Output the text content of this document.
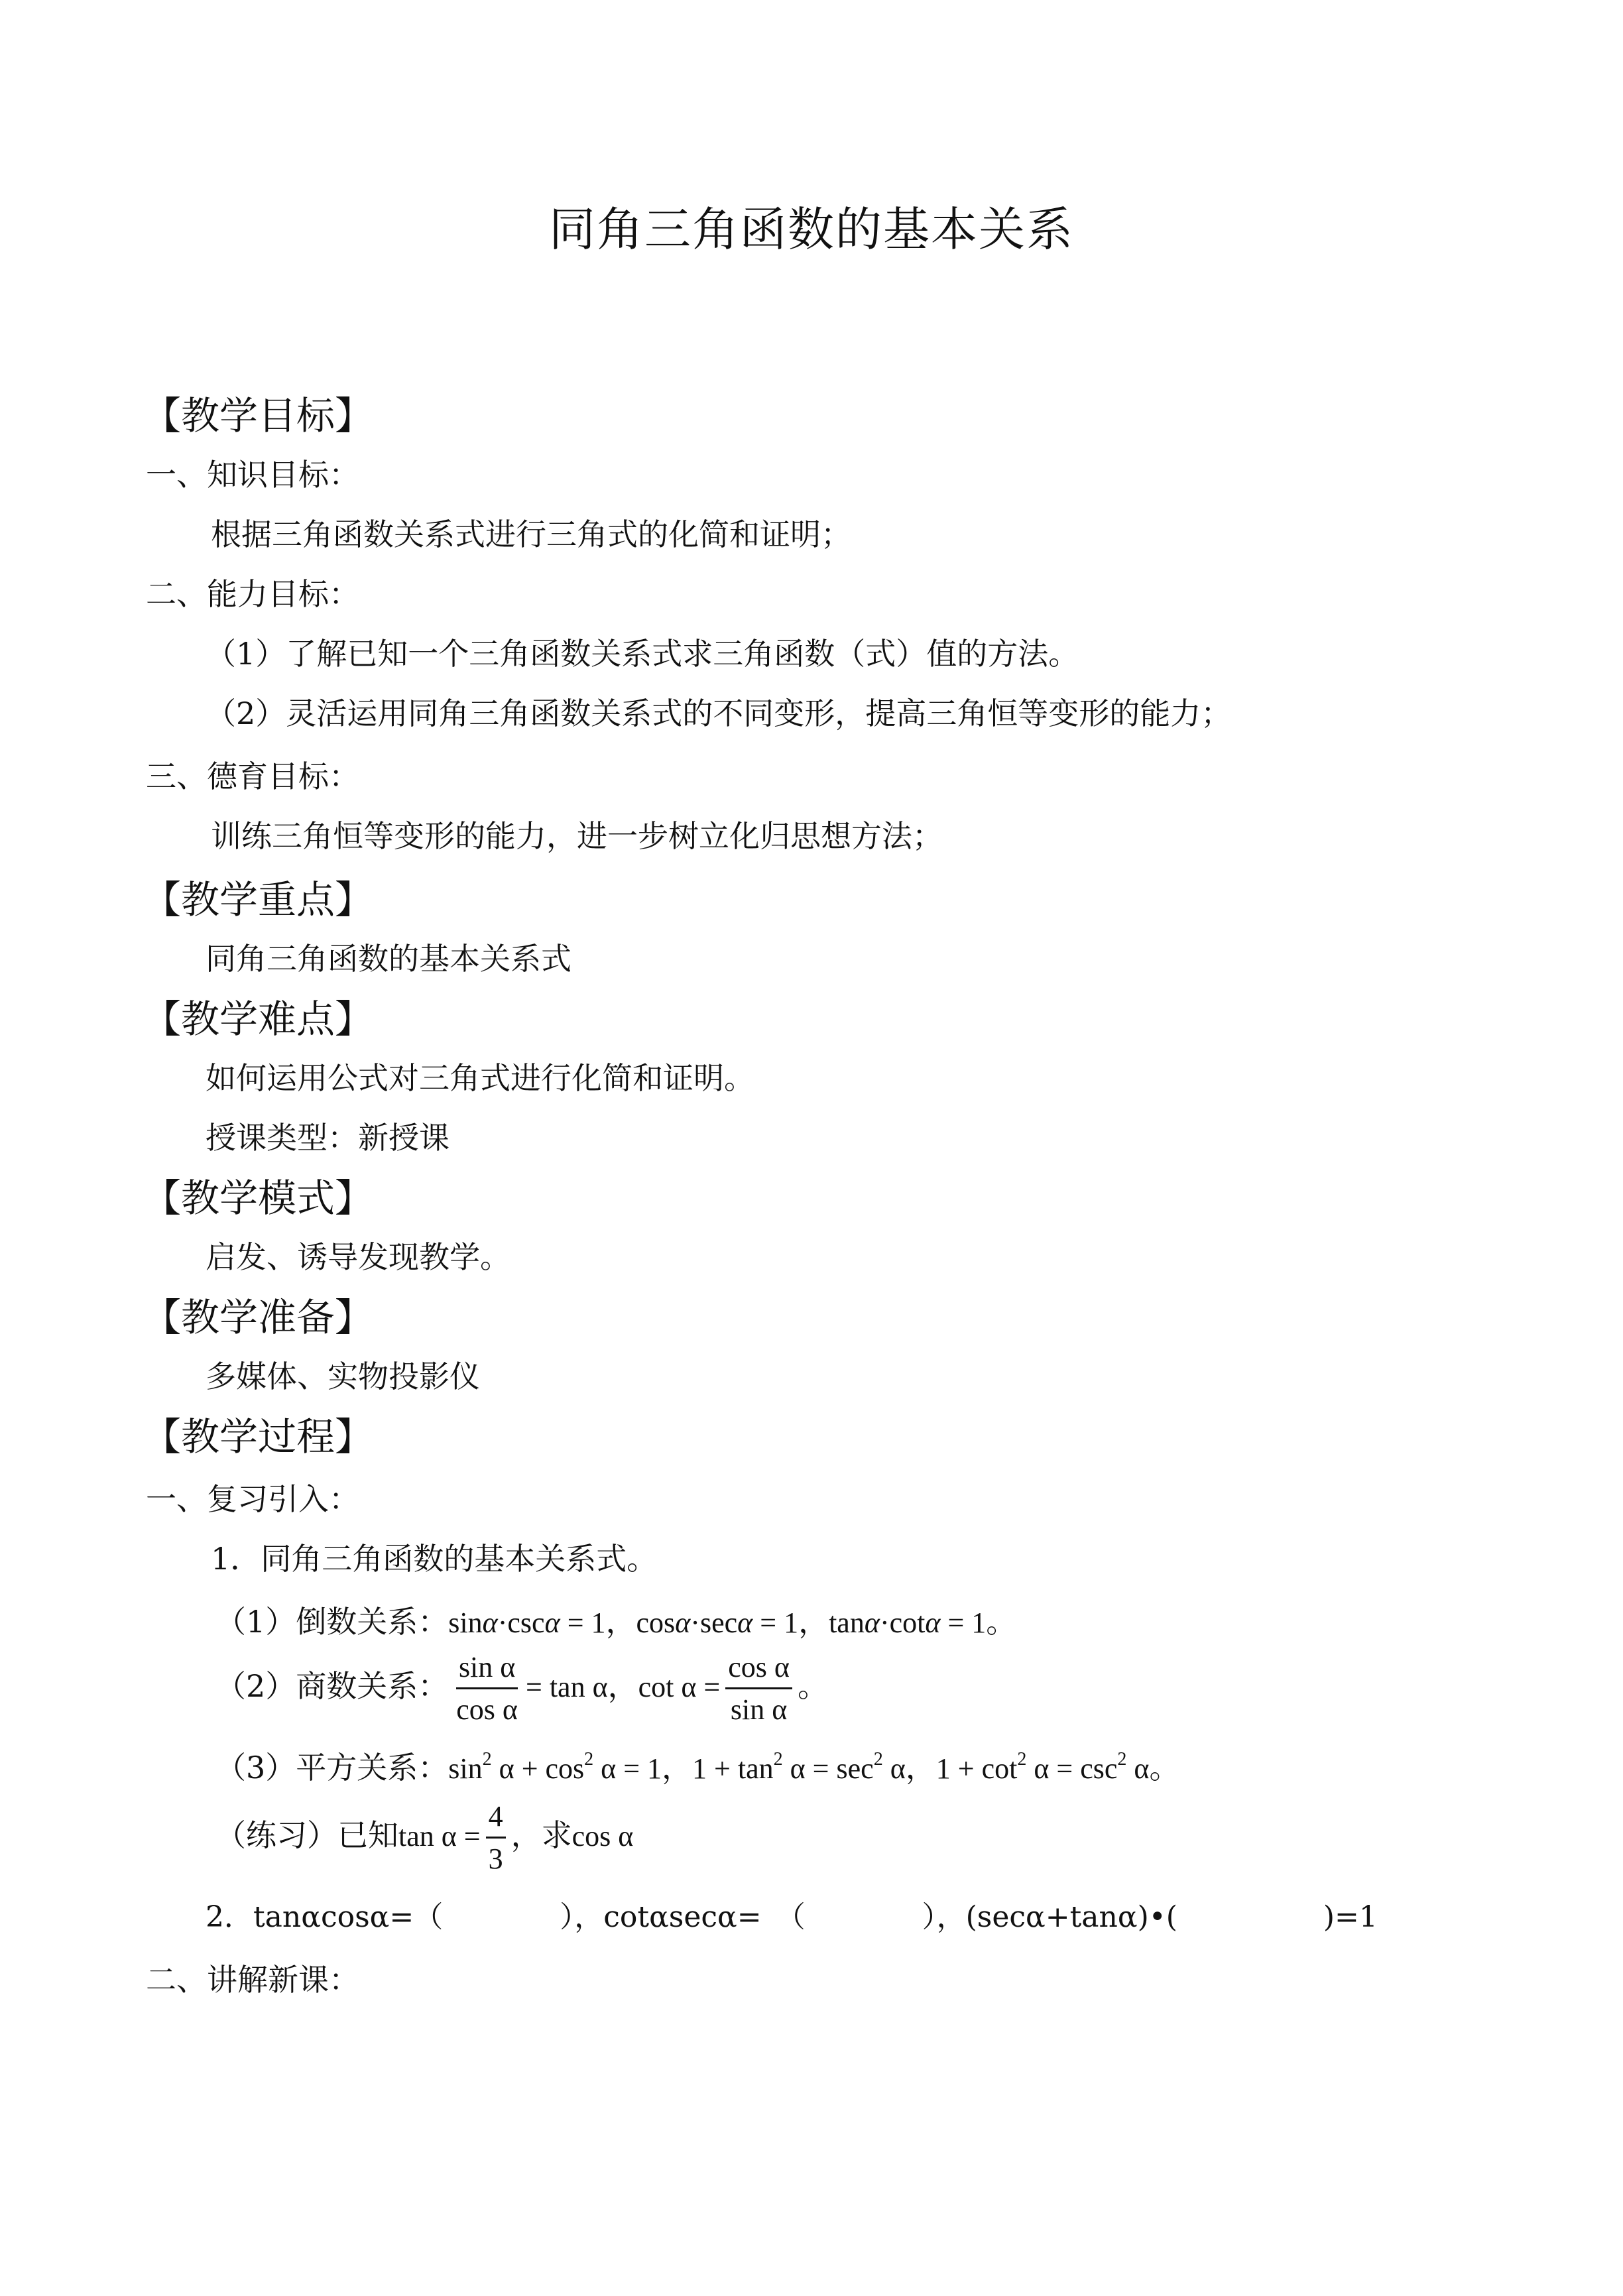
同角三角函数的基本关系
【教学目标】
一、知识目标：
根据三角函数关系式进行三角式的化简和证明；
二、能力目标：
（1）了解已知一个三角函数关系式求三角函数（式）值的方法。
（2）灵活运用同角三角函数关系式的不同变形，提高三角恒等变形的能力；
三、德育目标：
训练三角恒等变形的能力，进一步树立化归思想方法；
【教学重点】
同角三角函数的基本关系式
【教学难点】
如何运用公式对三角式进行化简和证明。
授课类型：新授课
【教学模式】
启发、诱导发现教学。
【教学准备】
多媒体、实物投影仪
【教学过程】
一、复习引入：
1．同角三角函数的基本关系式。
（1）倒数关系：sinα·cscα = 1，cosα·secα = 1，tanα·cotα = 1。
（2）商数关系： $\frac{\text{sin α}}{\text{cos α}} = \tan \alpha$，$\cot \alpha = \frac{\text{cos α}}{\text{sin α}}$ 。
（3）平方关系：$\sin^2 \alpha + \cos^2 \alpha = 1$，$1 + \tan^2 \alpha = \sec^2 \alpha$，$1 + \cot^2 \alpha = \csc^2 \alpha$。
（练习）已知$\tan \alpha = \frac{4}{3}$ ，求cos α
2．tanαcosα=（　　　　），cotαsecα=　（　　　　），(secα+tanα)•(　　　　　)=1
二、讲解新课：
